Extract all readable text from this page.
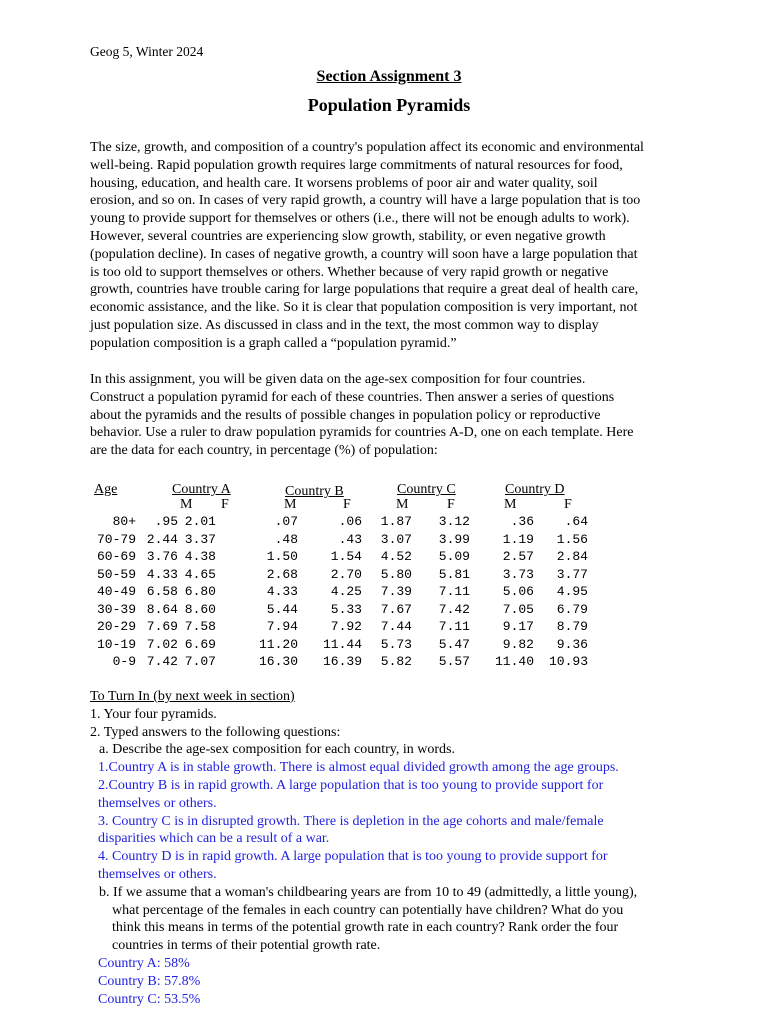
Geog 5, Winter 2024
Section Assignment 3
Population Pyramids
The size, growth, and composition of a country's population affect its economic and environmental
well-being. Rapid population growth requires large commitments of natural resources for food,
housing, education, and health care. It worsens problems of poor air and water quality, soil
erosion, and so on. In cases of very rapid growth, a country will have a large population that is too
young to provide support for themselves or others (i.e., there will not be enough adults to work).
However, several countries are experiencing slow growth, stability, or even negative growth
(population decline). In cases of negative growth, a country will soon have a large population that
is too old to support themselves or others. Whether because of very rapid growth or negative
growth, countries have trouble caring for large populations that require a great deal of health care,
economic assistance, and the like. So it is clear that population composition is very important, not
just population size. As discussed in class and in the text, the most common way to display
population composition is a graph called a “population pyramid.”
In this assignment, you will be given data on the age-sex composition for four countries.
Construct a population pyramid for each of these countries. Then answer a series of questions
about the pyramids and the results of possible changes in population policy or reproductive
behavior. Use a ruler to draw population pyramids for countries A-D, one on each template. Here
are the data for each country, in percentage (%) of population:
Age	Country A	Country B	Country C	Country D
M F	M	F	M	F	M	F
80+	.95 2.01	.07	.06	1.87	3.12	.36	.64
70-79 2.44 3.37	.48	.43	3.07	3.99	1.19	1.56
60-69 3.76 4.38	1.50	1.54	4.52	5.09	2.57	2.84
50-59 4.33 4.65	2.68	2.70	5.80	5.81	3.73	3.77
40-49 6.58 6.80	4.33	4.25	7.39	7.11	5.06	4.95
30-39 8.64 8.60	5.44	5.33	7.67	7.42	7.05	6.79
20-29 7.69 7.58	7.94	7.92	7.44	7.11	9.17	8.79
10-19 7.02 6.69	11.20	11.44	5.73	5.47	9.82	9.36
0-9 7.42 7.07	16.30	16.39	5.82	5.57	11.40	10.93
To Turn In (by next week in section)
1. Your four pyramids.
2. Typed answers to the following questions:
a. Describe the age-sex composition for each country, in words.
1.Country A is in stable growth. There is almost equal divided growth among the age groups.
2.Country B is in rapid growth. A large population that is too young to provide support for
themselves or others.
3. Country C is in disrupted growth. There is depletion in the age cohorts and male/female
disparities which can be a result of a war.
4. Country D is in rapid growth. A large population that is too young to provide support for
themselves or others.
b. If we assume that a woman's childbearing years are from 10 to 49 (admittedly, a little young),
what percentage of the females in each country can potentially have children? What do you
think this means in terms of the potential growth rate in each country? Rank order the four
countries in terms of their potential growth rate.
Country A: 58%
Country B: 57.8%
Country C: 53.5%
